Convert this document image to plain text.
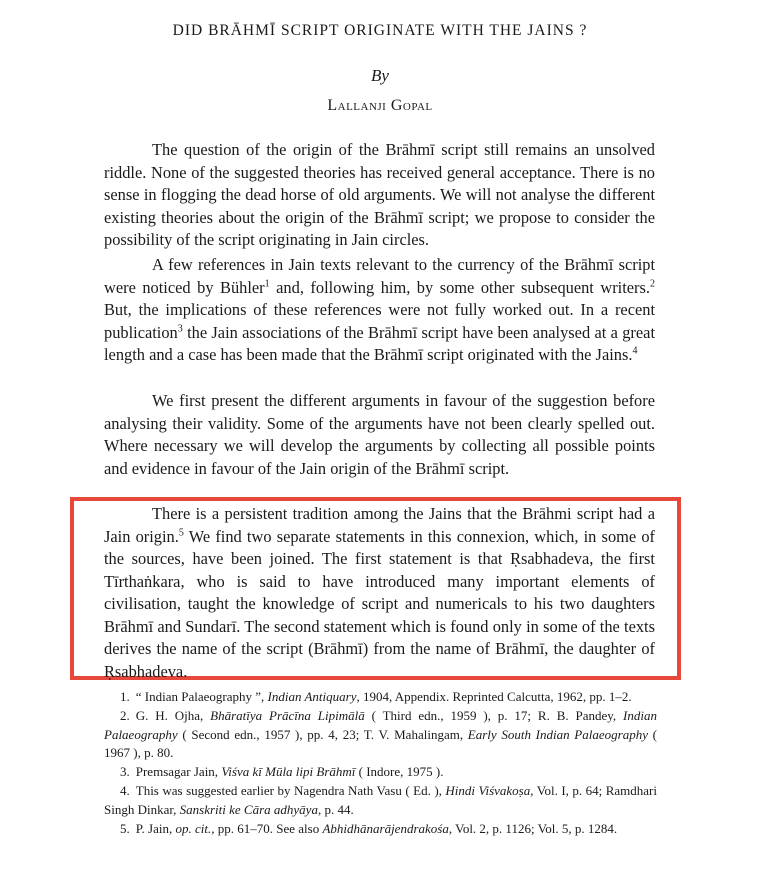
DID BRĀHMĪ SCRIPT ORIGINATE WITH THE JAINS ?
By
Lallanji Gopal

The question of the origin of the Brāhmī script still remains an unsolved riddle. None of the suggested theories has received general acceptance. There is no sense in flogging the dead horse of old arguments. We will not analyse the different existing theories about the origin of the Brāhmī script; we propose to consider the possibility of the script originating in Jain circles.

A few references in Jain texts relevant to the currency of the Brāhmī script were noticed by Bühler$^1$ and, following him, by some other subsequent writers.$^2$ But, the implications of these references were not fully worked out. In a recent publication$^3$ the Jain associations of the Brāhmī script have been analysed at a great length and a case has been made that the Brāhmī script originated with the Jains.$^4$

We first present the different arguments in favour of the suggestion before analysing their validity. Some of the arguments have not been clearly spelled out. Where necessary we will develop the arguments by collecting all possible points and evidence in favour of the Jain origin of the Brāhmī script.

There is a persistent tradition among the Jains that the Brāhmi script had a Jain origin.$^5$ We find two separate statements in this connexion, which, in some of the sources, have been joined. The first statement is that Ṛsabhadeva, the first Tīrthaṅkara, who is said to have introduced many important elements of civilisation, taught the knowledge of script and numericals to his two daughters Brāhmī and Sundarī. The second statement which is found only in some of the texts derives the name of the script (Brāhmī) from the name of Brāhmī, the daughter of Ṛsabhadeva.

1. “ Indian Palaeography ”, Indian Antiquary, 1904, Appendix. Reprinted Calcutta, 1962, pp. 1–2.

2. G. H. Ojha, Bhāratīya Prācīna Lipimālā ( Third edn., 1959 ), p. 17; R. B. Pandey, Indian Palaeography ( Second edn., 1957 ), pp. 4, 23; T. V. Mahalingam, Early South Indian Palaeography ( 1967 ), p. 80.

3. Premsagar Jain, Viśva kī Mūla lipi Brāhmī ( Indore, 1975 ).

4. This was suggested earlier by Nagendra Nath Vasu ( Ed. ), Hindi Viśvakoṣa, Vol. I, p. 64; Ramdhari Singh Dinkar, Sanskriti ke Cāra adhyāya, p. 44.

5. P. Jain, op. cit., pp. 61–70. See also Abhidhānarājendrakośa, Vol. 2, p. 1126; Vol. 5, p. 1284.
